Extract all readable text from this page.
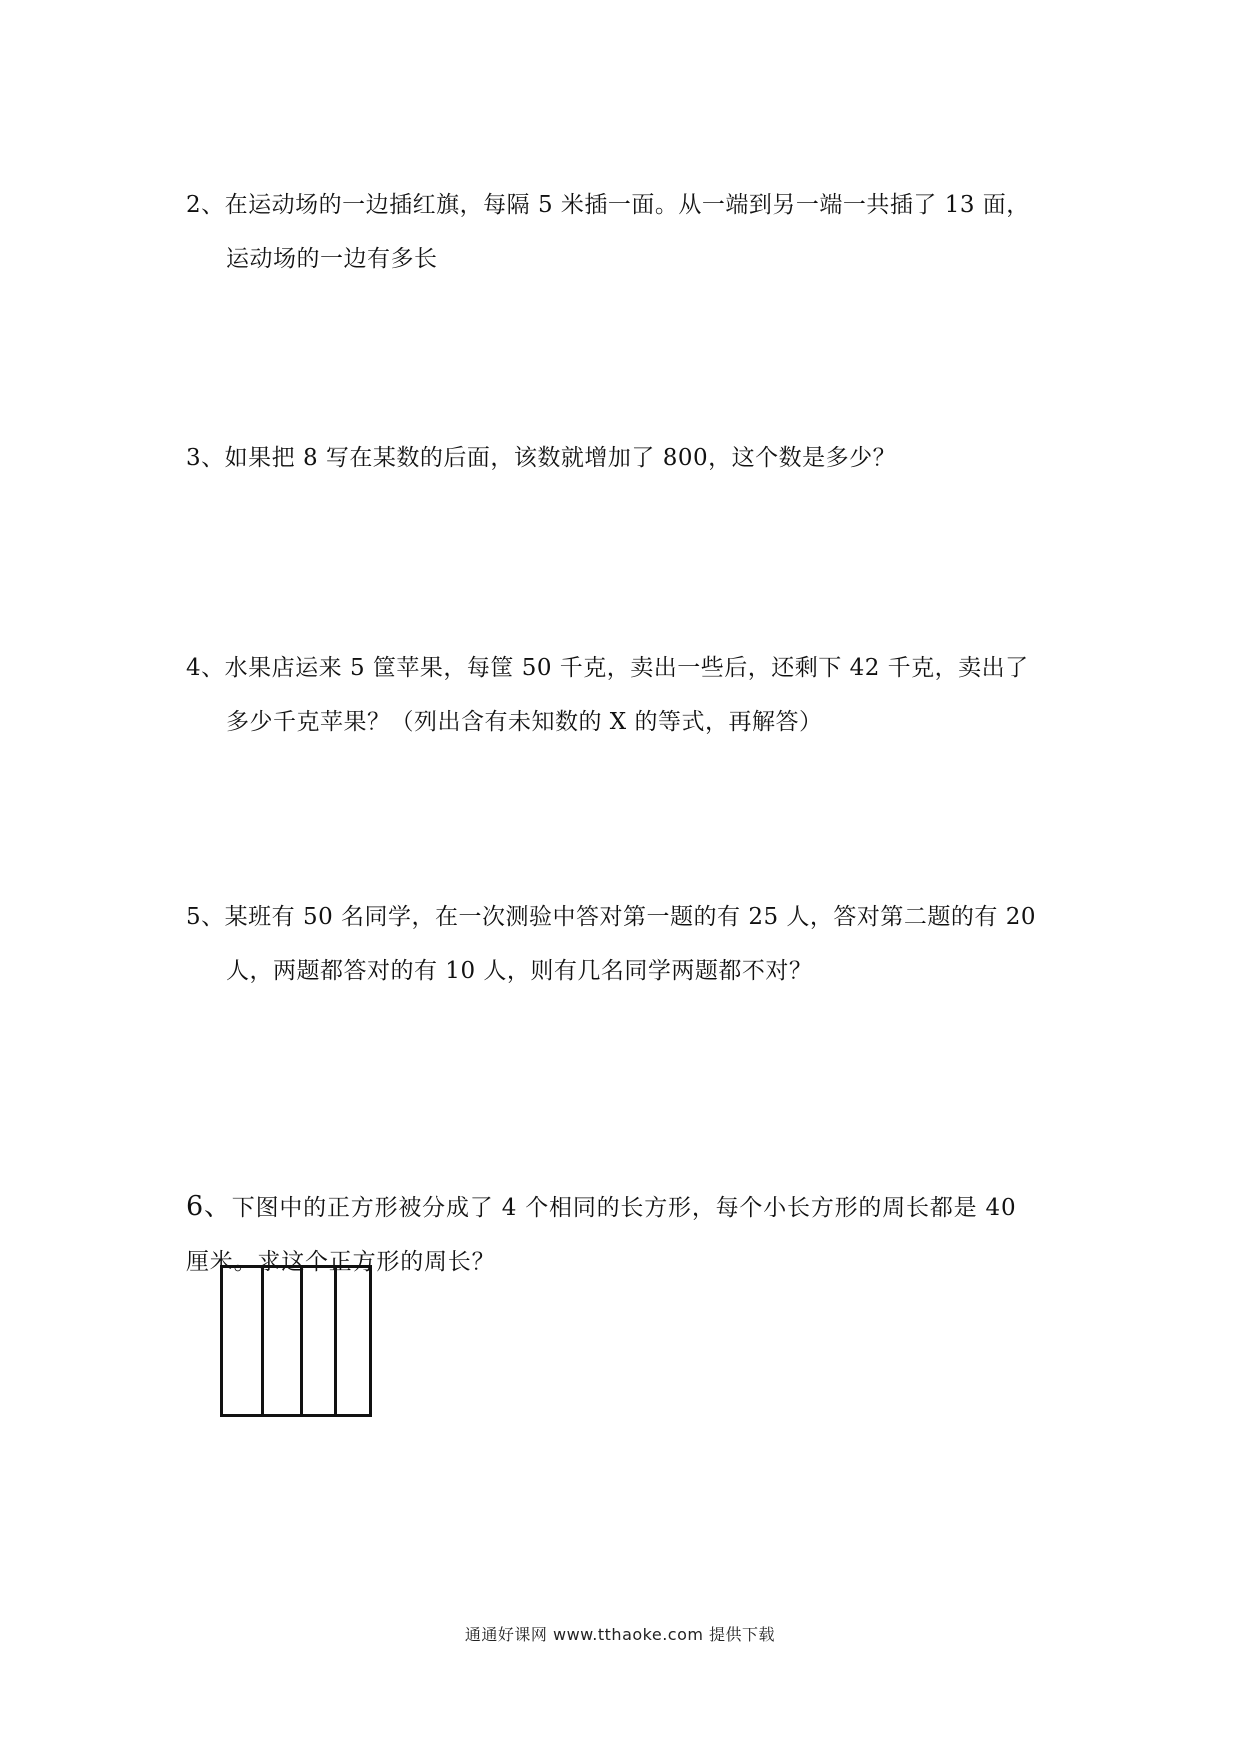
2、在运动场的一边插红旗，每隔 5 米插一面。从一端到另一端一共插了 13 面，
运动场的一边有多长
3、如果把 8 写在某数的后面，该数就增加了 800，这个数是多少？
4、水果店运来 5 筐苹果，每筐 50 千克，卖出一些后，还剩下 42 千克，卖出了
多少千克苹果？（列出含有未知数的 X 的等式，再解答）
5、某班有 50 名同学，在一次测验中答对第一题的有 25 人，答对第二题的有 20
人，两题都答对的有 10 人，则有几名同学两题都不对？
6、下图中的正方形被分成了 4 个相同的长方形，每个小长方形的周长都是 40
厘米。求这个正方形的周长？
通通好课网 www.tthaoke.com 提供下载
